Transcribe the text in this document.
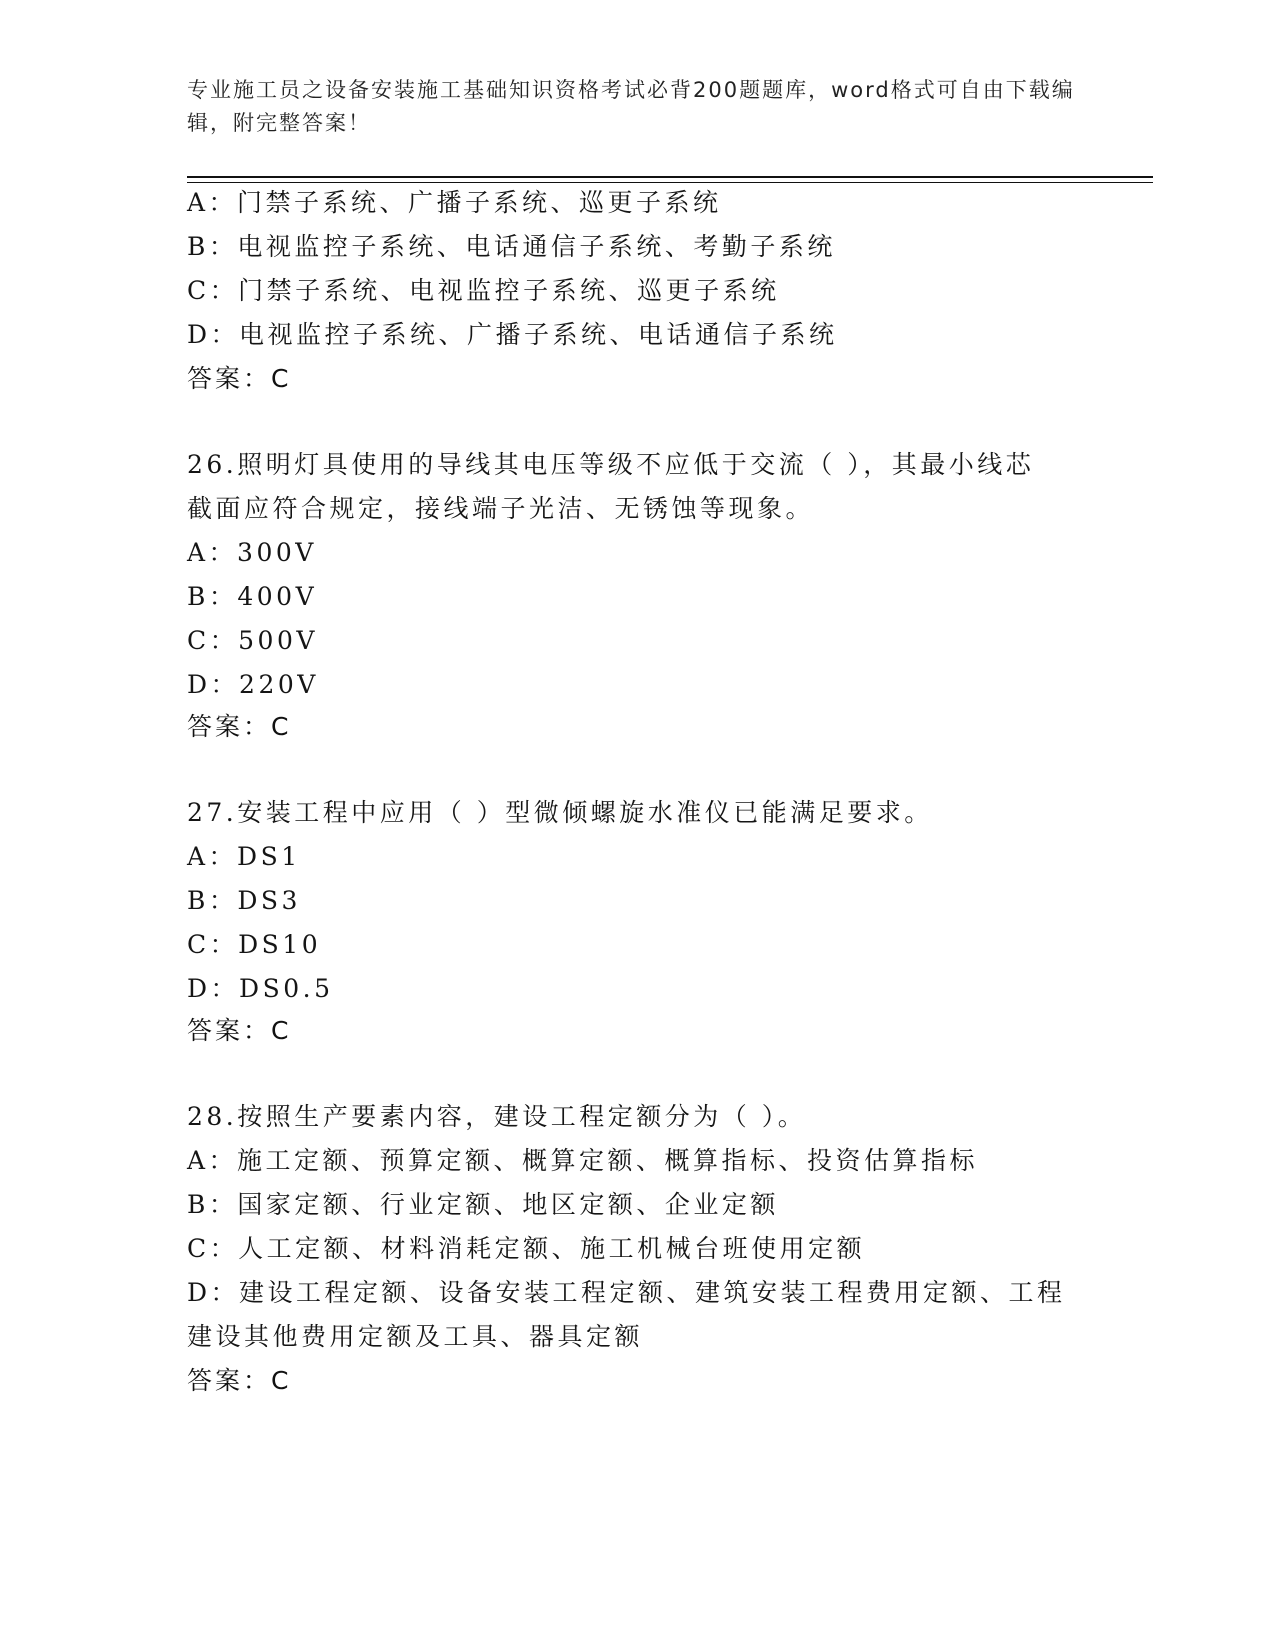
专业施工员之设备安装施工基础知识资格考试必背200题题库，word格式可自由下载编辑，附完整答案！
A：门禁子系统、广播子系统、巡更子系统
B：电视监控子系统、电话通信子系统、考勤子系统
C：门禁子系统、电视监控子系统、巡更子系统
D：电视监控子系统、广播子系统、电话通信子系统
答案：C
26.照明灯具使用的导线其电压等级不应低于交流（ ），其最小线芯
截面应符合规定，接线端子光洁、无锈蚀等现象。
A：300V
B：400V
C：500V
D：220V
答案：C
27.安装工程中应用（ ）型微倾螺旋水准仪已能满足要求。
A：DS1
B：DS3
C：DS10
D：DS0.5
答案：C
28.按照生产要素内容，建设工程定额分为（ ）。
A：施工定额、预算定额、概算定额、概算指标、投资估算指标
B：国家定额、行业定额、地区定额、企业定额
C：人工定额、材料消耗定额、施工机械台班使用定额
D：建设工程定额、设备安装工程定额、建筑安装工程费用定额、工程
建设其他费用定额及工具、器具定额
答案：C
